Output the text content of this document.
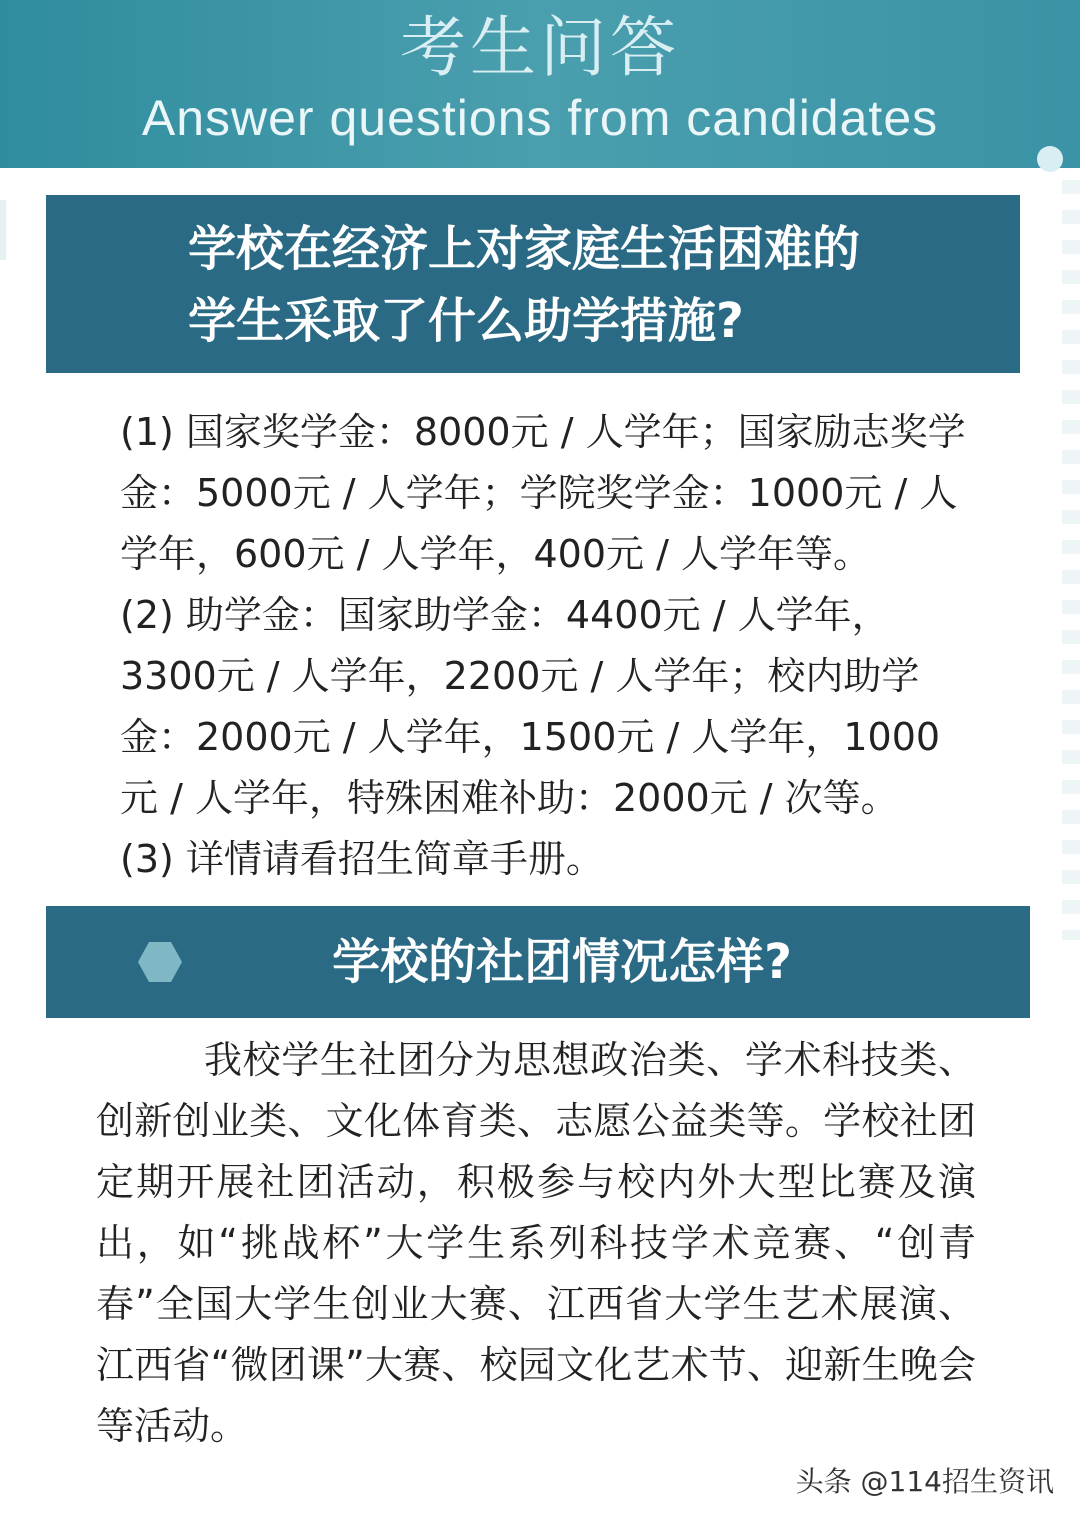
考生问答
Answer questions from candidates
学校在经济上对家庭生活困难的
学生采取了什么助学措施?

(1) 国家奖学金：8000元 / 人学年；国家励志奖学金：5000元 / 人学年；学院奖学金：1000元 / 人学年，600元 / 人学年，400元 / 人学年等。

(2) 助学金：国家助学金：4400元 / 人学年，3300元 / 人学年，2200元 / 人学年；校内助学金：2000元 / 人学年，1500元 / 人学年，1000元 / 人学年，特殊困难补助：2000元 / 次等。

(3) 详情请看招生简章手册。

学校的社团情况怎样?

我校学生社团分为思想政治类、学术科技类、创新创业类、文化体育类、志愿公益类等。学校社团定期开展社团活动，积极参与校内外大型比赛及演出，如“挑战杯”大学生系列科技学术竞赛、“创青春”全国大学生创业大赛、江西省大学生艺术展演、江西省“微团课”大赛、校园文化艺术节、迎新生晚会等活动。

头条 @114招生资讯
